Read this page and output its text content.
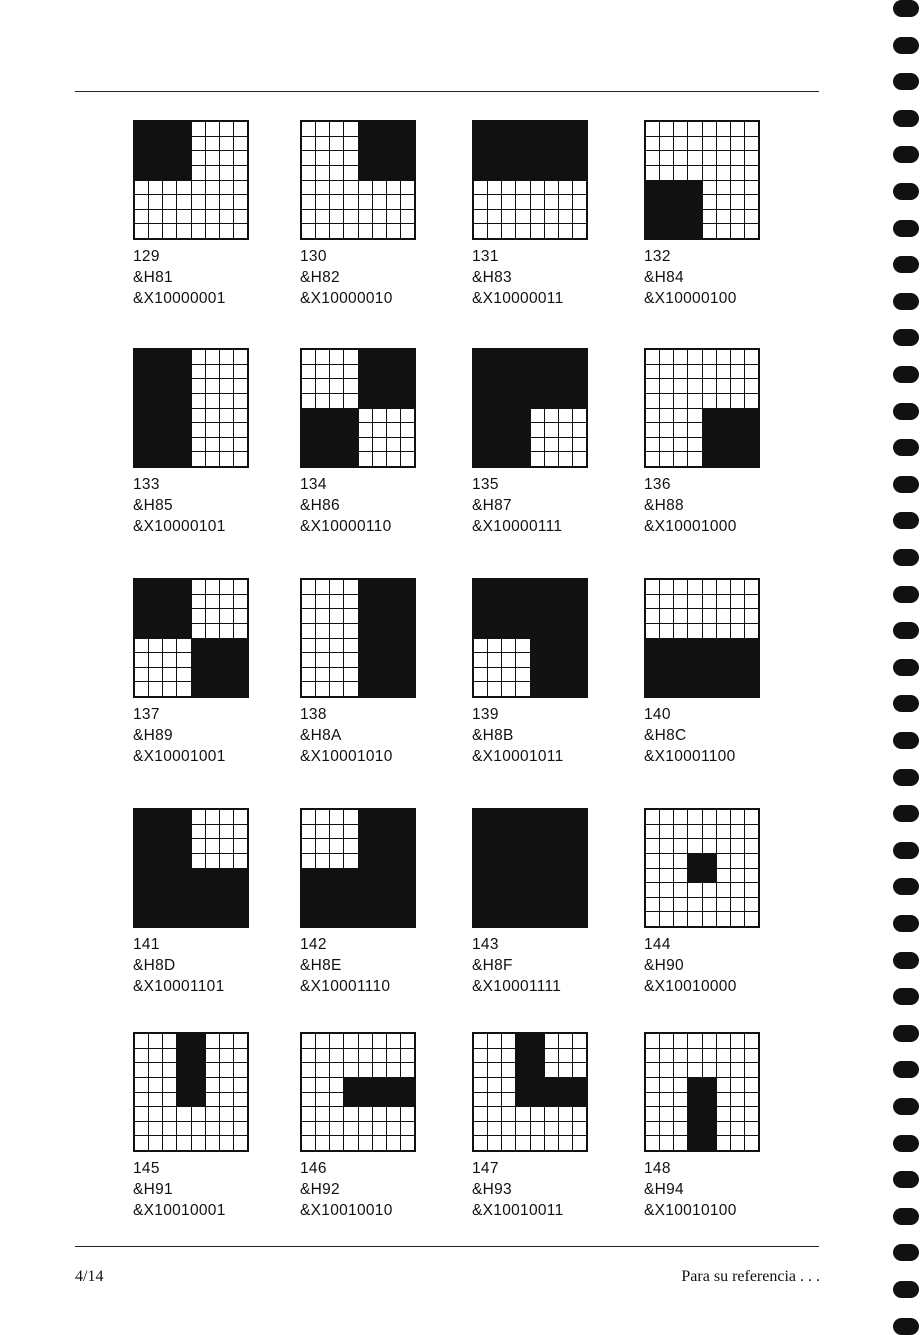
129
&H81
&X10000001
130
&H82
&X10000010
131
&H83
&X10000011
132
&H84
&X10000100
133
&H85
&X10000101
134
&H86
&X10000110
135
&H87
&X10000111
136
&H88
&X10001000
137
&H89
&X10001001
138
&H8A
&X10001010
139
&H8B
&X10001011
140
&H8C
&X10001100
141
&H8D
&X10001101
142
&H8E
&X10001110
143
&H8F
&X10001111
144
&H90
&X10010000
145
&H91
&X10010001
146
&H92
&X10010010
147
&H93
&X10010011
148
&H94
&X10010100
4/14	Para su referencia . . .
